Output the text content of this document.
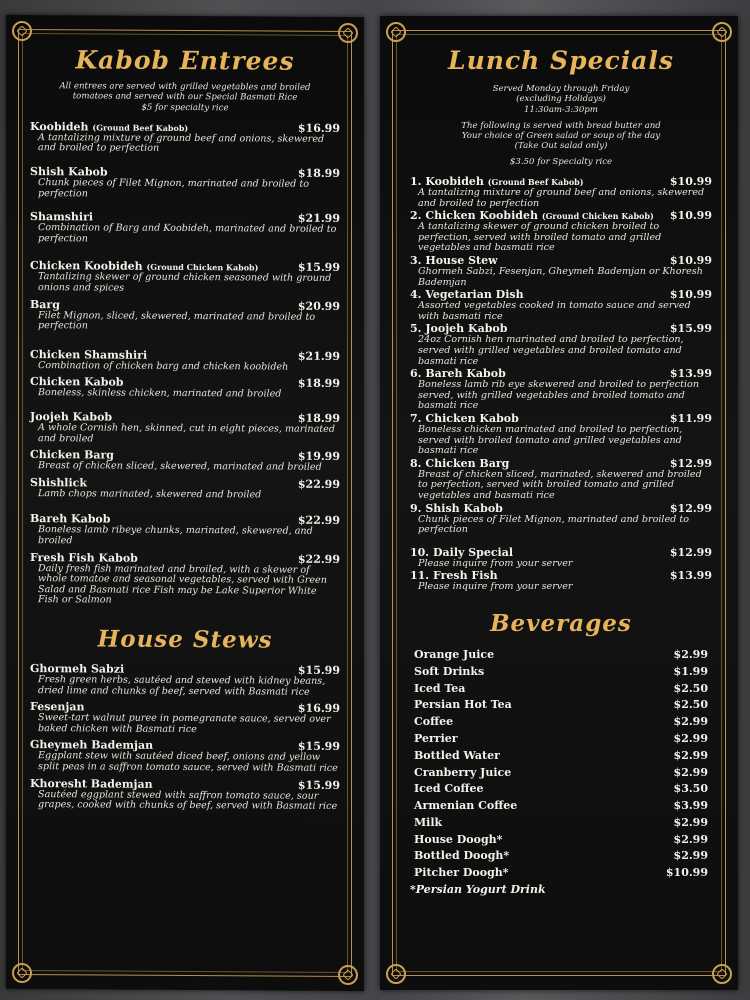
Kabob Entrees
All entrees are served with grilled vegetables and broiled
tomatoes and served with our Special Basmati Rice
$5 for specialty rice
Koobideh (Ground Beef Kabob)	$16.99
A tantalizing mixture of ground beef and onions, skewered and broiled to perfection
Shish Kabob	$18.99
Chunk pieces of Filet Mignon, marinated and broiled to perfection
Shamshiri	$21.99
Combination of Barg and Koobideh, marinated and broiled to perfection
Chicken Koobideh (Ground Chicken Kabob)	$15.99
Tantalizing skewer of ground chicken seasoned with ground onions and spices
Barg	$20.99
Filet Mignon, sliced, skewered, marinated and broiled to perfection
Chicken Shamshiri	$21.99
Combination of chicken barg and chicken koobideh
Chicken Kabob	$18.99
Boneless, skinless chicken, marinated and broiled
Joojeh Kabob	$18.99
A whole Cornish hen, skinned, cut in eight pieces, marinated and broiled
Chicken Barg	$19.99
Breast of chicken sliced, skewered, marinated and broiled
Shishlick	$22.99
Lamb chops marinated, skewered and broiled
Bareh Kabob	$22.99
Boneless lamb ribeye chunks, marinated, skewered, and broiled
Fresh Fish Kabob	$22.99
Daily fresh fish marinated and broiled, with a skewer of whole tomatoe and seasonal vegetables, served with Green Salad and Basmati rice Fish may be Lake Superior White Fish or Salmon
House Stews
Ghormeh Sabzi	$15.99
Fresh green herbs, sautéed and stewed with kidney beans, dried lime and chunks of beef, served with Basmati rice
Fesenjan	$16.99
Sweet-tart walnut puree in pomegranate sauce, served over baked chicken with Basmati rice
Gheymeh Bademjan	$15.99
Eggplant stew with sautéed diced beef, onions and yellow split peas in a saffron tomato sauce, served with Basmati rice
Khoresht Bademjan	$15.99
Sautéed eggplant stewed with saffron tomato sauce, sour grapes, cooked with chunks of beef, served with Basmati rice
Lunch Specials
Served Monday through Friday
(excluding Holidays)
11:30am-3:30pm
The following is served with bread butter and
Your choice of Green salad or soup of the day
(Take Out salad only)
$3.50 for Specialty rice
1. Koobideh (Ground Beef Kabob)	$10.99
A tantalizing mixture of ground beef and onions, skewered and broiled to perfection
2. Chicken Koobideh (Ground Chicken Kabob) $10.99
A tantalizing skewer of ground chicken broiled to perfection, served with broiled tomato and grilled vegetables and basmati rice
3. House Stew	$10.99
Ghormeh Sabzi, Fesenjan, Gheymeh Bademjan or Khoresh Bademjan
4. Vegetarian Dish	$10.99
Assorted vegetables cooked in tomato sauce and served with basmati rice
5. Joojeh Kabob	$15.99
24oz Cornish hen marinated and broiled to perfection, served with grilled vegetables and broiled tomato and basmati rice
6. Bareh Kabob	$13.99
Boneless lamb rib eye skewered and broiled to perfection served, with grilled vegetables and broiled tomato and basmati rice
7. Chicken Kabob	$11.99
Boneless chicken marinated and broiled to perfection, served with broiled tomato and grilled vegetables and basmati rice
8. Chicken Barg	$12.99
Breast of chicken sliced, marinated, skewered and broiled to perfection, served with broiled tomato and grilled vegetables and basmati rice
9. Shish Kabob	$12.99
Chunk pieces of Filet Mignon, marinated and broiled to perfection
10. Daily Special	$12.99
Please inquire from your server
11. Fresh Fish	$13.99
Please inquire from your server
Beverages
Orange Juice	$2.99
Soft Drinks	$1.99
Iced Tea	$2.50
Persian Hot Tea	$2.50
Coffee	$2.99
Perrier	$2.99
Bottled Water	$2.99
Cranberry Juice	$2.99
Iced Coffee	$3.50
Armenian Coffee	$3.99
Milk	$2.99
House Doogh*	$2.99
Bottled Doogh*	$2.99
Pitcher Doogh*	$10.99
*Persian Yogurt Drink
